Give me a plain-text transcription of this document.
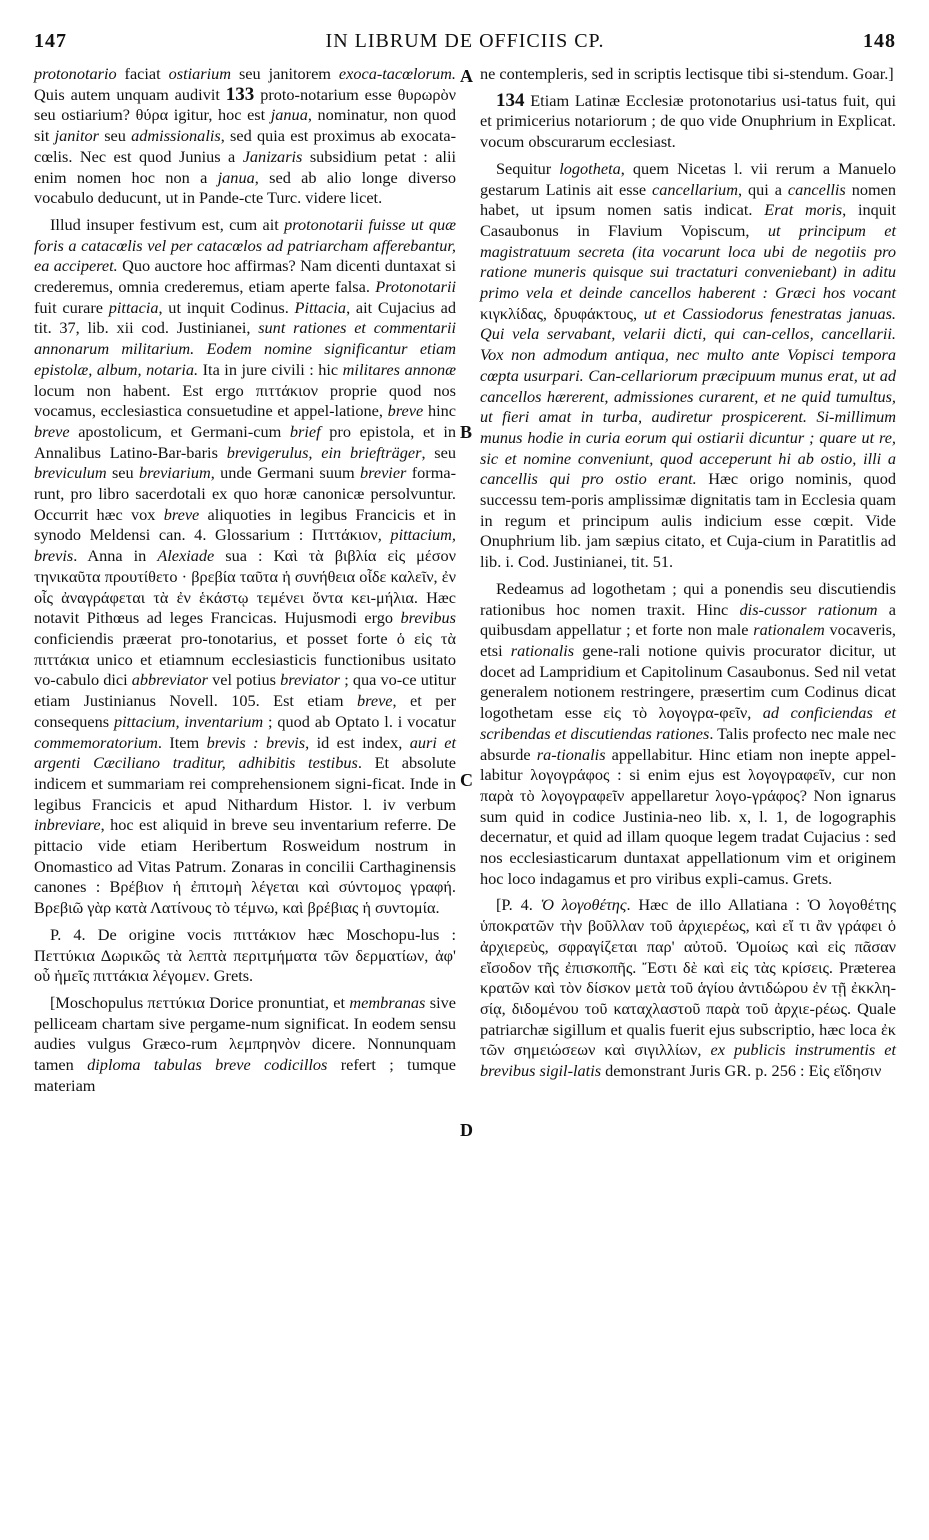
147	IN LIBRUM DE OFFICIIS CP.	148
A
B
C
D

protonotario faciat ostiarium seu janitorem exoca-tacœlorum. Quis autem unquam audivit 133 proto-notarium esse θυρωρὸν seu ostiarium? θύρα igitur, hoc est janua, nominatur, non quod sit janitor seu admissionalis, sed quia est proximus ab exocata-cœlis. Nec est quod Junius a Janizaris subsidium petat : alii enim nomen hoc non a janua, sed ab alio longe diverso vocabulo deducunt, ut in Pande-cte Turc. videre licet.

Illud insuper festivum est, cum ait protonotarii fuisse ut quæ foris a catacœlis vel per catacœlos ad patriarcham afferebantur, ea acciperet. Quo auctore hoc affirmas? Nam dicenti duntaxat si crederemus, omnia crederemus, etiam aperte falsa. Protonotarii fuit curare pittacia, ut inquit Codinus. Pittacia, ait Cujacius ad tit. 37, lib. xii cod. Justinianei, sunt rationes et commentarii annonarum militarium. Eodem nomine significantur etiam epistolæ, album, notaria. Ita in jure civili : hic militares annonæ locum non habent. Est ergo πιττάκιον proprie quod nos vocamus, ecclesiastica consuetudine et appel-latione, breve hinc breve apostolicum, et Germani-cum brief pro epistola, et in Annalibus Latino-Bar-baris brevigerulus, ein briefträger, seu breviculum seu breviarium, unde Germani suum brevier forma-runt, pro libro sacerdotali ex quo horæ canonicæ persolvuntur. Occurrit hæc vox breve aliquoties in legibus Francicis et in synodo Meldensi can. 4. Glossarium : Πιττάκιον, pittacium, brevis. Anna in Alexiade sua : Καὶ τὰ βιβλία εἰς μέσον τηνικαῦτα προυτίθετο · βρεβία ταῦτα ἡ συνήθεια οἶδε καλεῖν, ἐν οἷς ἀναγράφεται τὰ ἐν ἑκάστῳ τεμένει ὄντα κει-μήλια. Hæc notavit Pithœus ad leges Francicas. Hujusmodi ergo brevibus conficiendis præerat pro-tonotarius, et posset forte ὁ εἰς τὰ πιττάκια unico et etiamnum ecclesiasticis functionibus usitato vo-cabulo dici abbreviator vel potius breviator ; qua vo-ce utitur etiam Justinianus Novell. 105. Est etiam breve, et per consequens pittacium, inventarium ; quod ab Optato l. i vocatur commemoratorium. Item brevis : brevis, id est index, auri et argenti Cæciliano traditur, adhibitis testibus. Et absolute indicem et summariam rei comprehensionem signi-ficat. Inde in legibus Francicis et apud Nithardum Histor. l. iv verbum inbreviare, hoc est aliquid in breve seu inventarium referre. De pittacio vide etiam Heribertum Rosweidum nostrum in Onomastico ad Vitas Patrum. Zonaras in concilii Carthaginensis canones : Βρέβιον ἡ ἐπιτομὴ λέγεται καὶ σύντομος γραφή. Βρεβιῶ γὰρ κατὰ Λατίνους τὸ τέμνω, καὶ βρέβιας ἡ συντομία.

P. 4. De origine vocis πιττάκιον hæc Moschopu-lus : Πεττύκια Δωρικῶς τὰ λεπτὰ περιτμήματα τῶν δερματίων, ἀφ' οὗ ἡμεῖς πιττάκια λέγομεν. Grets.

[Moschopulus πεττύκια Dorice pronuntiat, et membranas sive pelliceam chartam sive pergame-num significat. In eodem sensu audies vulgus Græco-rum λεμπρηνὸν dicere. Nonnunquam tamen diploma tabulas breve codicillos refert ; tumque materiam

ne contempleris, sed in scriptis lectisque tibi si-stendum. Goar.]

134 Etiam Latinæ Ecclesiæ protonotarius usi-tatus fuit, qui et primicerius notariorum ; de quo vide Onuphrium in Explicat. vocum obscurarum ecclesiast.

Sequitur logotheta, quem Nicetas l. vii rerum a Manuelo gestarum Latinis ait esse cancellarium, qui a cancellis nomen habet, ut ipsum nomen satis indicat. Erat moris, inquit Casaubonus in Flavium Vopiscum, ut principum et magistratuum secreta (ita vocarunt loca ubi de negotiis pro ratione muneris quisque sui tractaturi conveniebant) in aditu primo vela et deinde cancellos haberent : Græci hos vocant κιγκλίδας, δρυφάκτους, ut et Cassiodorus fenestratas januas. Qui vela servabant, velarii dicti, qui can-cellos, cancellarii. Vox non admodum antiqua, nec multo ante Vopisci tempora cœpta usurpari. Can-cellariorum præcipuum munus erat, ut ad cancellos hærerent, admissiones curarent, et ne quid tumultus, ut fieri amat in turba, audiretur prospicerent. Si-millimum munus hodie in curia eorum qui ostiarii dicuntur ; quare ut re, sic et nomine conveniunt, quod acceperunt hi ab ostio, illi a cancellis qui pro ostio erant. Hæc origo nominis, quod successu tem-poris amplissimæ dignitatis tam in Ecclesia quam in regum et principum aulis indicium esse cœpit. Vide Onuphrium lib. jam sæpius citato, et Cuja-cium in Paratitlis ad lib. i. Cod. Justinianei, tit. 51.

Redeamus ad logothetam ; qui a ponendis seu discutiendis rationibus hoc nomen traxit. Hinc dis-cussor rationum a quibusdam appellatur ; et forte non male rationalem vocaveris, etsi rationalis gene-rali notione quivis procurator dicitur, ut docet ad Lampridium et Capitolinum Casaubonus. Sed nil vetat generalem notionem restringere, præsertim cum Codinus dicat logothetam esse εἰς τὸ λογογρα-φεῖν, ad conficiendas et scribendas et discutiendas rationes. Talis profecto nec male nec absurde ra-tionalis appellabitur. Hinc etiam non inepte appel-labitur λογογράφος : si enim ejus est λογογραφεῖν, cur non παρὰ τὸ λογογραφεῖν appellaretur λογο-γράφος? Non ignarus sum quid in codice Justinia-neo lib. x, l. 1, de logographis decernatur, et quid ad illam quoque legem tradat Cujacius : sed nos ecclesiasticarum duntaxat appellationum vim et originem hoc loco indagamus et pro viribus expli-camus. Grets.

[P. 4. Ὁ λογοθέτης. Hæc de illo Allatiana : Ὁ λογοθέτης ὑποκρατῶν τὴν βοῦλλαν τοῦ ἀρχιερέως, καὶ εἴ τι ἂν γράφει ὁ ἀρχιερεὺς, σφραγίζεται παρ' αὐτοῦ. Ὁμοίως καὶ εἰς πᾶσαν εἴσοδον τῆς ἐπισκοπῆς. Ἔστι δὲ καὶ εἰς τὰς κρίσεις. Præterea κρατῶν καὶ τὸν δίσκον μετὰ τοῦ ἁγίου ἀντιδώρου ἐν τῇ ἐκκλη-σίᾳ, διδομένου τοῦ καταχλαστοῦ παρὰ τοῦ ἀρχιε-ρέως. Quale patriarchæ sigillum et qualis fuerit ejus subscriptio, hæc loca ἐκ τῶν σημειώσεων καὶ σιγιλλίων, ex publicis instrumentis et brevibus sigil-latis demonstrant Juris GR. p. 256 : Εἰς εἴδησιν
